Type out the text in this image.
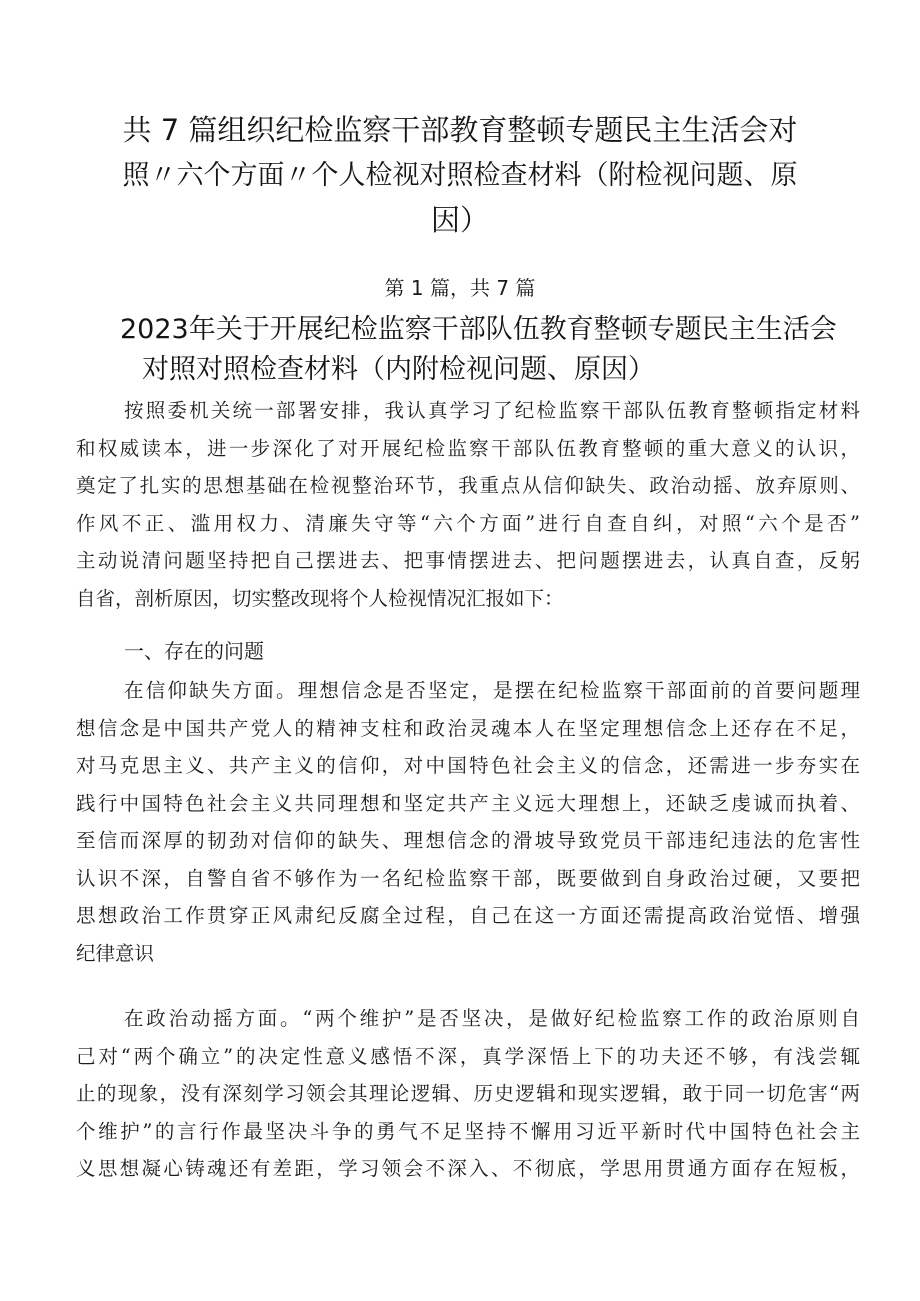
共 7 篇组织纪检监察干部教育整顿专题民主生活会对
照〃六个方面〃个人检视对照检查材料（附检视问题、原
因）
第 1 篇，共 7 篇
2023年关于开展纪检监察干部队伍教育整顿专题民主生活会
对照对照检查材料（内附检视问题、原因）
按照委机关统一部署安排，我认真学习了纪检监察干部队伍教育整顿指定材料
和权威读本，进一步深化了对开展纪检监察干部队伍教育整顿的重大意义的认识，
奠定了扎实的思想基础在检视整治环节，我重点从信仰缺失、政治动摇、放弃原则、
作风不正、滥用权力、清廉失守等“六个方面”进行自查自纠，对照“六个是否”
主动说清问题坚持把自己摆进去、把事情摆进去、把问题摆进去，认真自查，反躬
自省，剖析原因，切实整改现将个人检视情况汇报如下：
一、存在的问题
在信仰缺失方面。理想信念是否坚定，是摆在纪检监察干部面前的首要问题理
想信念是中国共产党人的精神支柱和政治灵魂本人在坚定理想信念上还存在不足，
对马克思主义、共产主义的信仰，对中国特色社会主义的信念，还需进一步夯实在
践行中国特色社会主义共同理想和坚定共产主义远大理想上，还缺乏虔诚而执着、
至信而深厚的韧劲对信仰的缺失、理想信念的滑坡导致党员干部违纪违法的危害性
认识不深，自警自省不够作为一名纪检监察干部，既要做到自身政治过硬，又要把
思想政治工作贯穿正风肃纪反腐全过程，自己在这一方面还需提高政治觉悟、增强
纪律意识
在政治动摇方面。“两个维护”是否坚决，是做好纪检监察工作的政治原则自
己对“两个确立”的决定性意义感悟不深，真学深悟上下的功夫还不够，有浅尝辄
止的现象，没有深刻学习领会其理论逻辑、历史逻辑和现实逻辑，敢于同一切危害“两
个维护”的言行作最坚决斗争的勇气不足坚持不懈用习近平新时代中国特色社会主
义思想凝心铸魂还有差距，学习领会不深入、不彻底，学思用贯通方面存在短板，
